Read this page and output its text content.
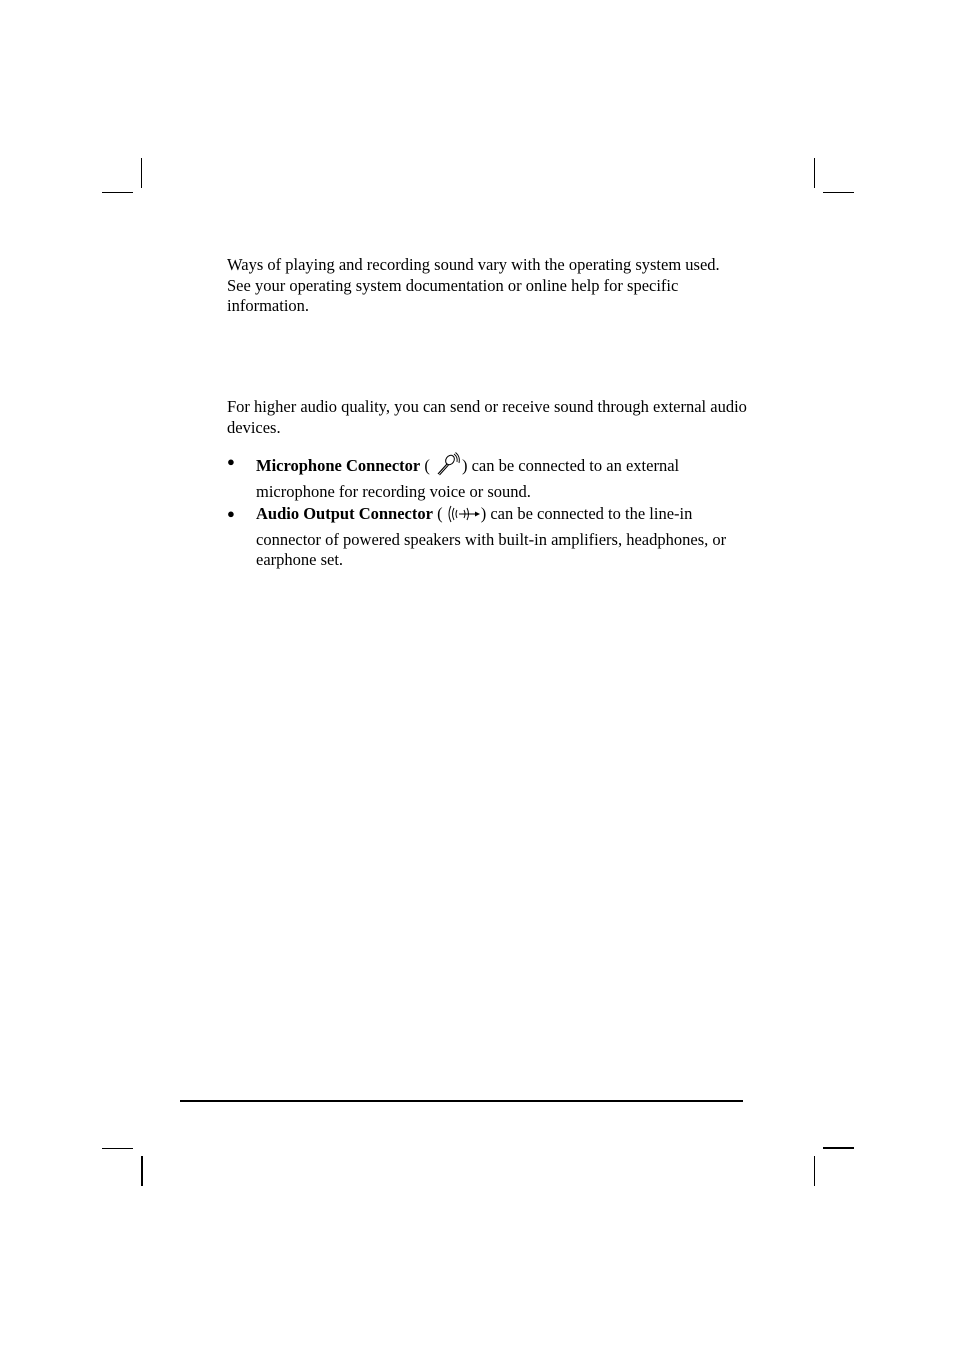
Ways of playing and recording sound vary with the operating system used. See your operating system documentation or online help for specific information.

For higher audio quality, you can send or receive sound through external audio devices.

● Microphone Connector ( ) can be connected to an external microphone for recording voice or sound.
● Audio Output Connector ( ) can be connected to the line-in connector of powered speakers with built-in amplifiers, headphones, or earphone set.
